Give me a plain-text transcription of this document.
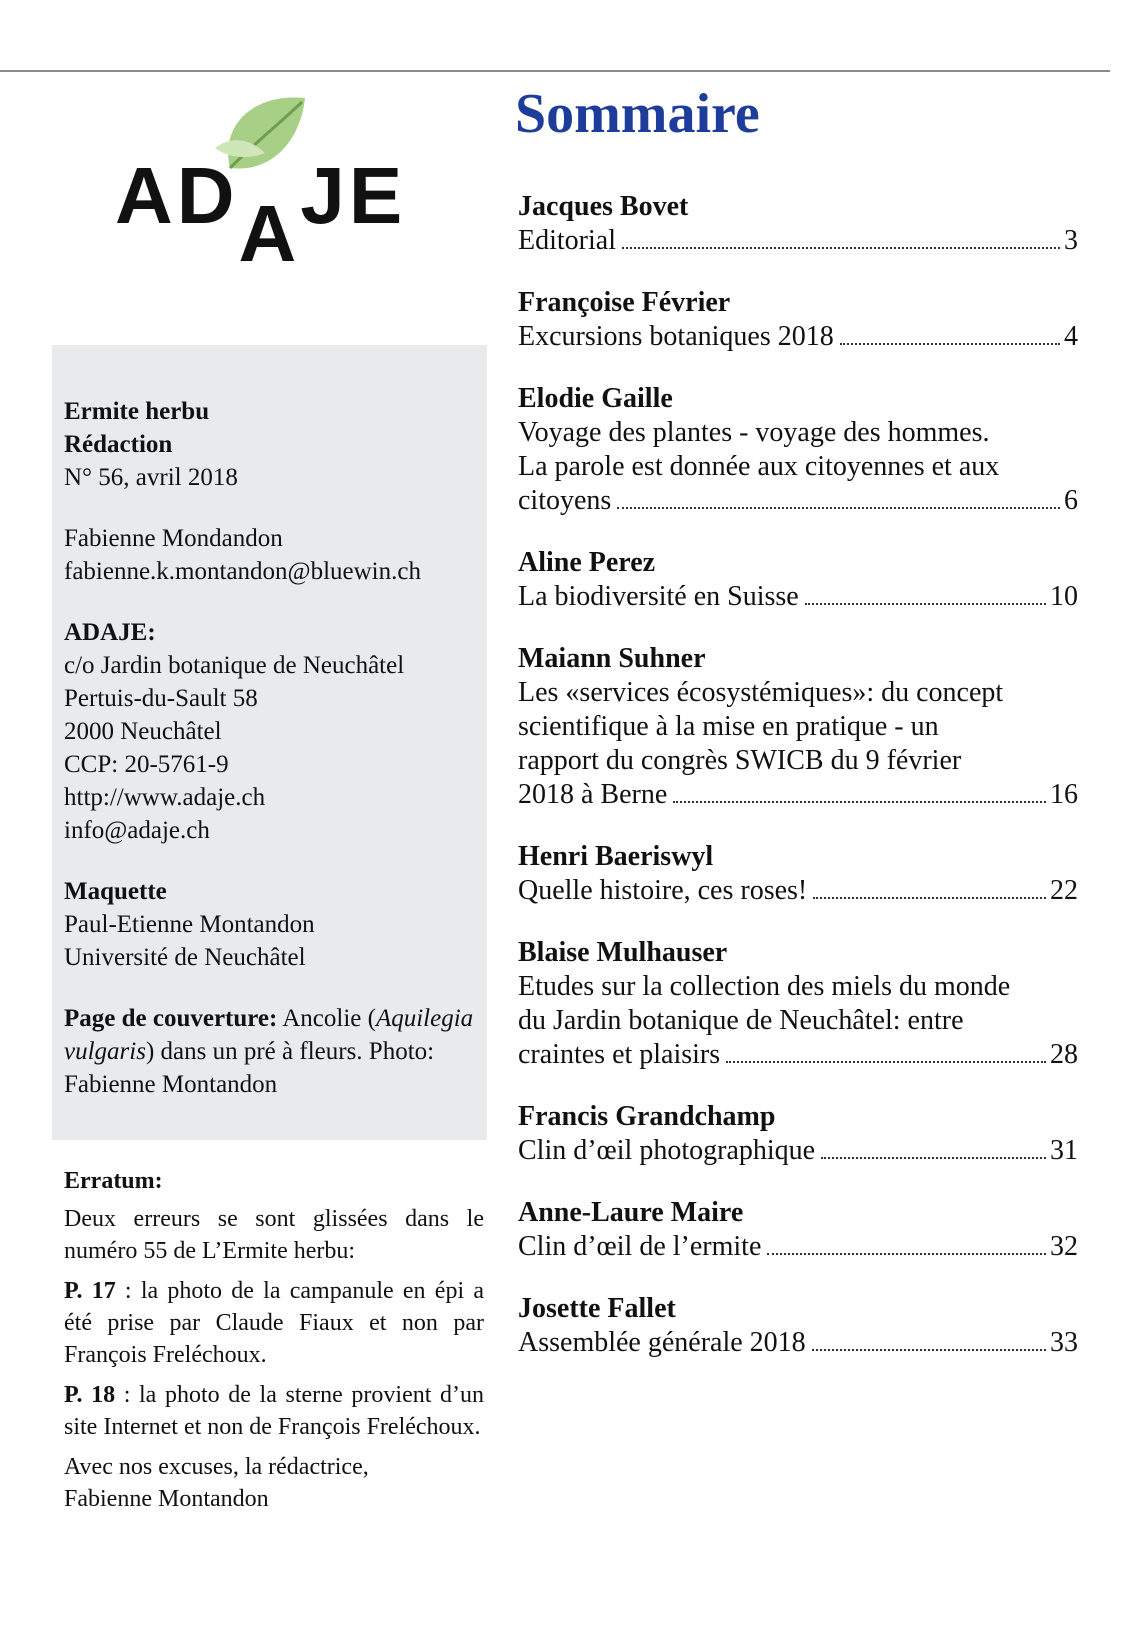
ADAJE
Sommaire
Ermite herbu
Rédaction
N° 56, avril 2018
Fabienne Mondandon
fabienne.k.montandon@bluewin.ch
ADAJE:
c/o Jardin botanique de Neuchâtel
Pertuis-du-Sault 58
2000 Neuchâtel
CCP: 20-5761-9
http://www.adaje.ch
info@adaje.ch
Maquette
Paul-Etienne Montandon
Université de Neuchâtel
Page de couverture: Ancolie (Aquilegia vulgaris) dans un pré à fleurs. Photo: Fabienne Montandon

Erratum:

Deux erreurs se sont glissées dans le numéro 55 de L’Ermite herbu:

P. 17 : la photo de la campanule en épi a été prise par Claude Fiaux et non par François Freléchoux.

P. 18 : la photo de la sterne provient d’un site Internet et non de François Freléchoux.

Avec nos excuses, la rédactrice,

Fabienne Montandon

Jacques Bovet
Editorial	3
Françoise Février
Excursions botaniques 2018	4
Elodie Gaille
Voyage des plantes - voyage des hommes.
La parole est donnée aux citoyennes et aux
citoyens	6
Aline Perez
La biodiversité en Suisse	10
Maiann Suhner
Les «services écosystémiques»: du concept
scientifique à la mise en pratique - un
rapport du congrès SWICB du 9 février
2018 à Berne	16
Henri Baeriswyl
Quelle histoire, ces roses!	22
Blaise Mulhauser
Etudes sur la collection des miels du monde
du Jardin botanique de Neuchâtel: entre
craintes et plaisirs	28
Francis Grandchamp
Clin d’œil photographique	31
Anne-Laure Maire
Clin d’œil de l’ermite	32
Josette Fallet
Assemblée générale 2018	33
